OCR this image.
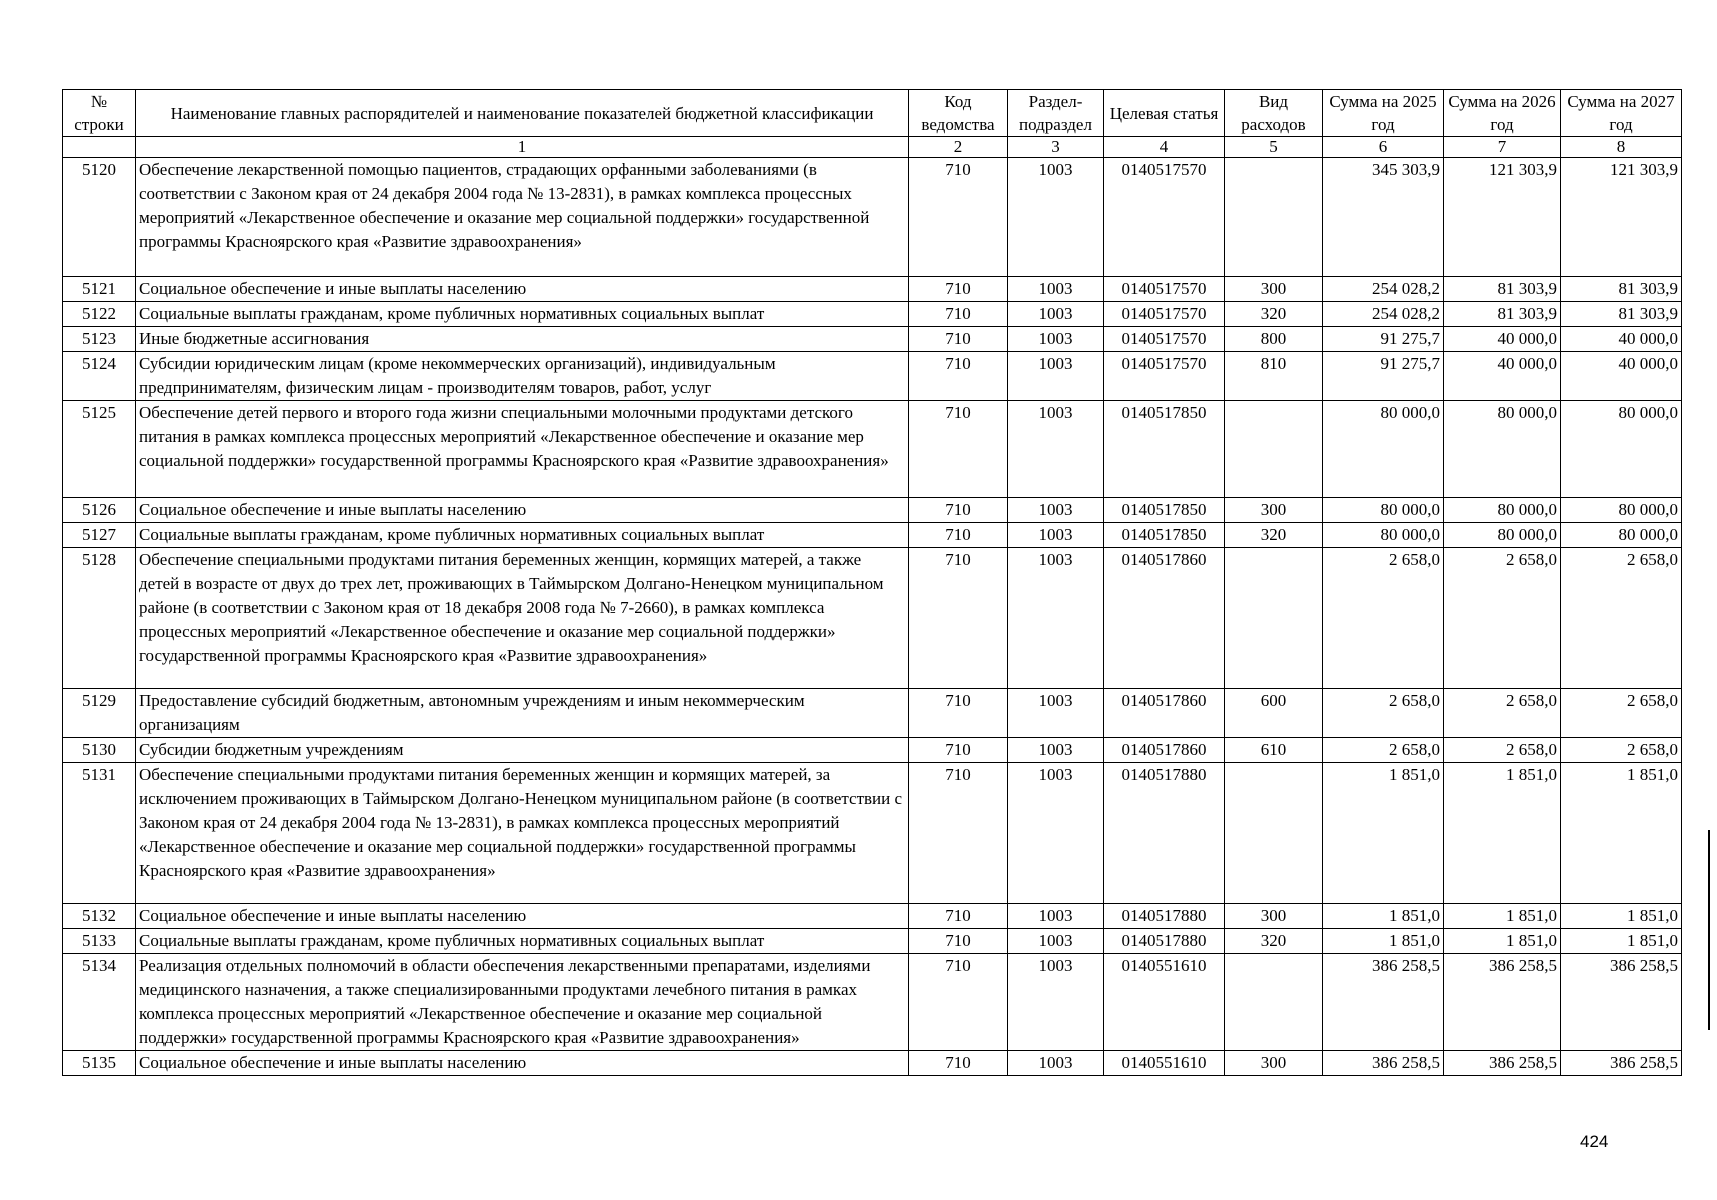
№ строки	Наименование главных распорядителей и наименование показателей бюджетной классификации	Код ведомства	Раздел-подраздел	Целевая статья	Вид расходов	Сумма на 2025 год	Сумма на 2026 год	Сумма на 2027 год
	1	2	3	4	5	6	7	8
5120	Обеспечение лекарственной помощью пациентов, страдающих орфанными заболеваниями (в соответствии с Законом края от 24 декабря 2004 года № 13-2831), в рамках комплекса процессных мероприятий «Лекарственное обеспечение и оказание мер социальной поддержки» государственной программы Красноярского края «Развитие здравоохранения»	710	1003	0140517570		345 303,9	121 303,9	121 303,9
5121	Социальное обеспечение и иные выплаты населению	710	1003	0140517570	300	254 028,2	81 303,9	81 303,9
5122	Социальные выплаты гражданам, кроме публичных нормативных социальных выплат	710	1003	0140517570	320	254 028,2	81 303,9	81 303,9
5123	Иные бюджетные ассигнования	710	1003	0140517570	800	91 275,7	40 000,0	40 000,0
5124	Субсидии юридическим лицам (кроме некоммерческих организаций), индивидуальным предпринимателям, физическим лицам - производителям товаров, работ, услуг	710	1003	0140517570	810	91 275,7	40 000,0	40 000,0
5125	Обеспечение детей первого и второго года жизни специальными молочными продуктами детского питания в рамках комплекса процессных мероприятий «Лекарственное обеспечение и оказание мер социальной поддержки» государственной программы Красноярского края «Развитие здравоохранения»	710	1003	0140517850		80 000,0	80 000,0	80 000,0
5126	Социальное обеспечение и иные выплаты населению	710	1003	0140517850	300	80 000,0	80 000,0	80 000,0
5127	Социальные выплаты гражданам, кроме публичных нормативных социальных выплат	710	1003	0140517850	320	80 000,0	80 000,0	80 000,0
5128	Обеспечение специальными продуктами питания беременных женщин, кормящих матерей, а также детей в возрасте от двух до трех лет, проживающих в Таймырском Долгано-Ненецком муниципальном районе (в соответствии с Законом края от 18 декабря 2008 года № 7-2660), в рамках комплекса процессных мероприятий «Лекарственное обеспечение и оказание мер социальной поддержки» государственной программы Красноярского края «Развитие здравоохранения»	710	1003	0140517860		2 658,0	2 658,0	2 658,0
5129	Предоставление субсидий бюджетным, автономным учреждениям и иным некоммерческим организациям	710	1003	0140517860	600	2 658,0	2 658,0	2 658,0
5130	Субсидии бюджетным учреждениям	710	1003	0140517860	610	2 658,0	2 658,0	2 658,0
5131	Обеспечение специальными продуктами питания беременных женщин и кормящих матерей, за исключением проживающих в Таймырском Долгано-Ненецком муниципальном районе (в соответствии с Законом края от 24 декабря 2004 года № 13-2831), в рамках комплекса процессных мероприятий «Лекарственное обеспечение и оказание мер социальной поддержки» государственной программы Красноярского края «Развитие здравоохранения»	710	1003	0140517880		1 851,0	1 851,0	1 851,0
5132	Социальное обеспечение и иные выплаты населению	710	1003	0140517880	300	1 851,0	1 851,0	1 851,0
5133	Социальные выплаты гражданам, кроме публичных нормативных социальных выплат	710	1003	0140517880	320	1 851,0	1 851,0	1 851,0
5134	Реализация отдельных полномочий в области обеспечения лекарственными препаратами, изделиями медицинского назначения, а также специализированными продуктами лечебного питания в рамках комплекса процессных мероприятий «Лекарственное обеспечение и оказание мер социальной поддержки» государственной программы Красноярского края «Развитие здравоохранения»	710	1003	0140551610		386 258,5	386 258,5	386 258,5
5135	Социальное обеспечение и иные выплаты населению	710	1003	0140551610	300	386 258,5	386 258,5	386 258,5
424
